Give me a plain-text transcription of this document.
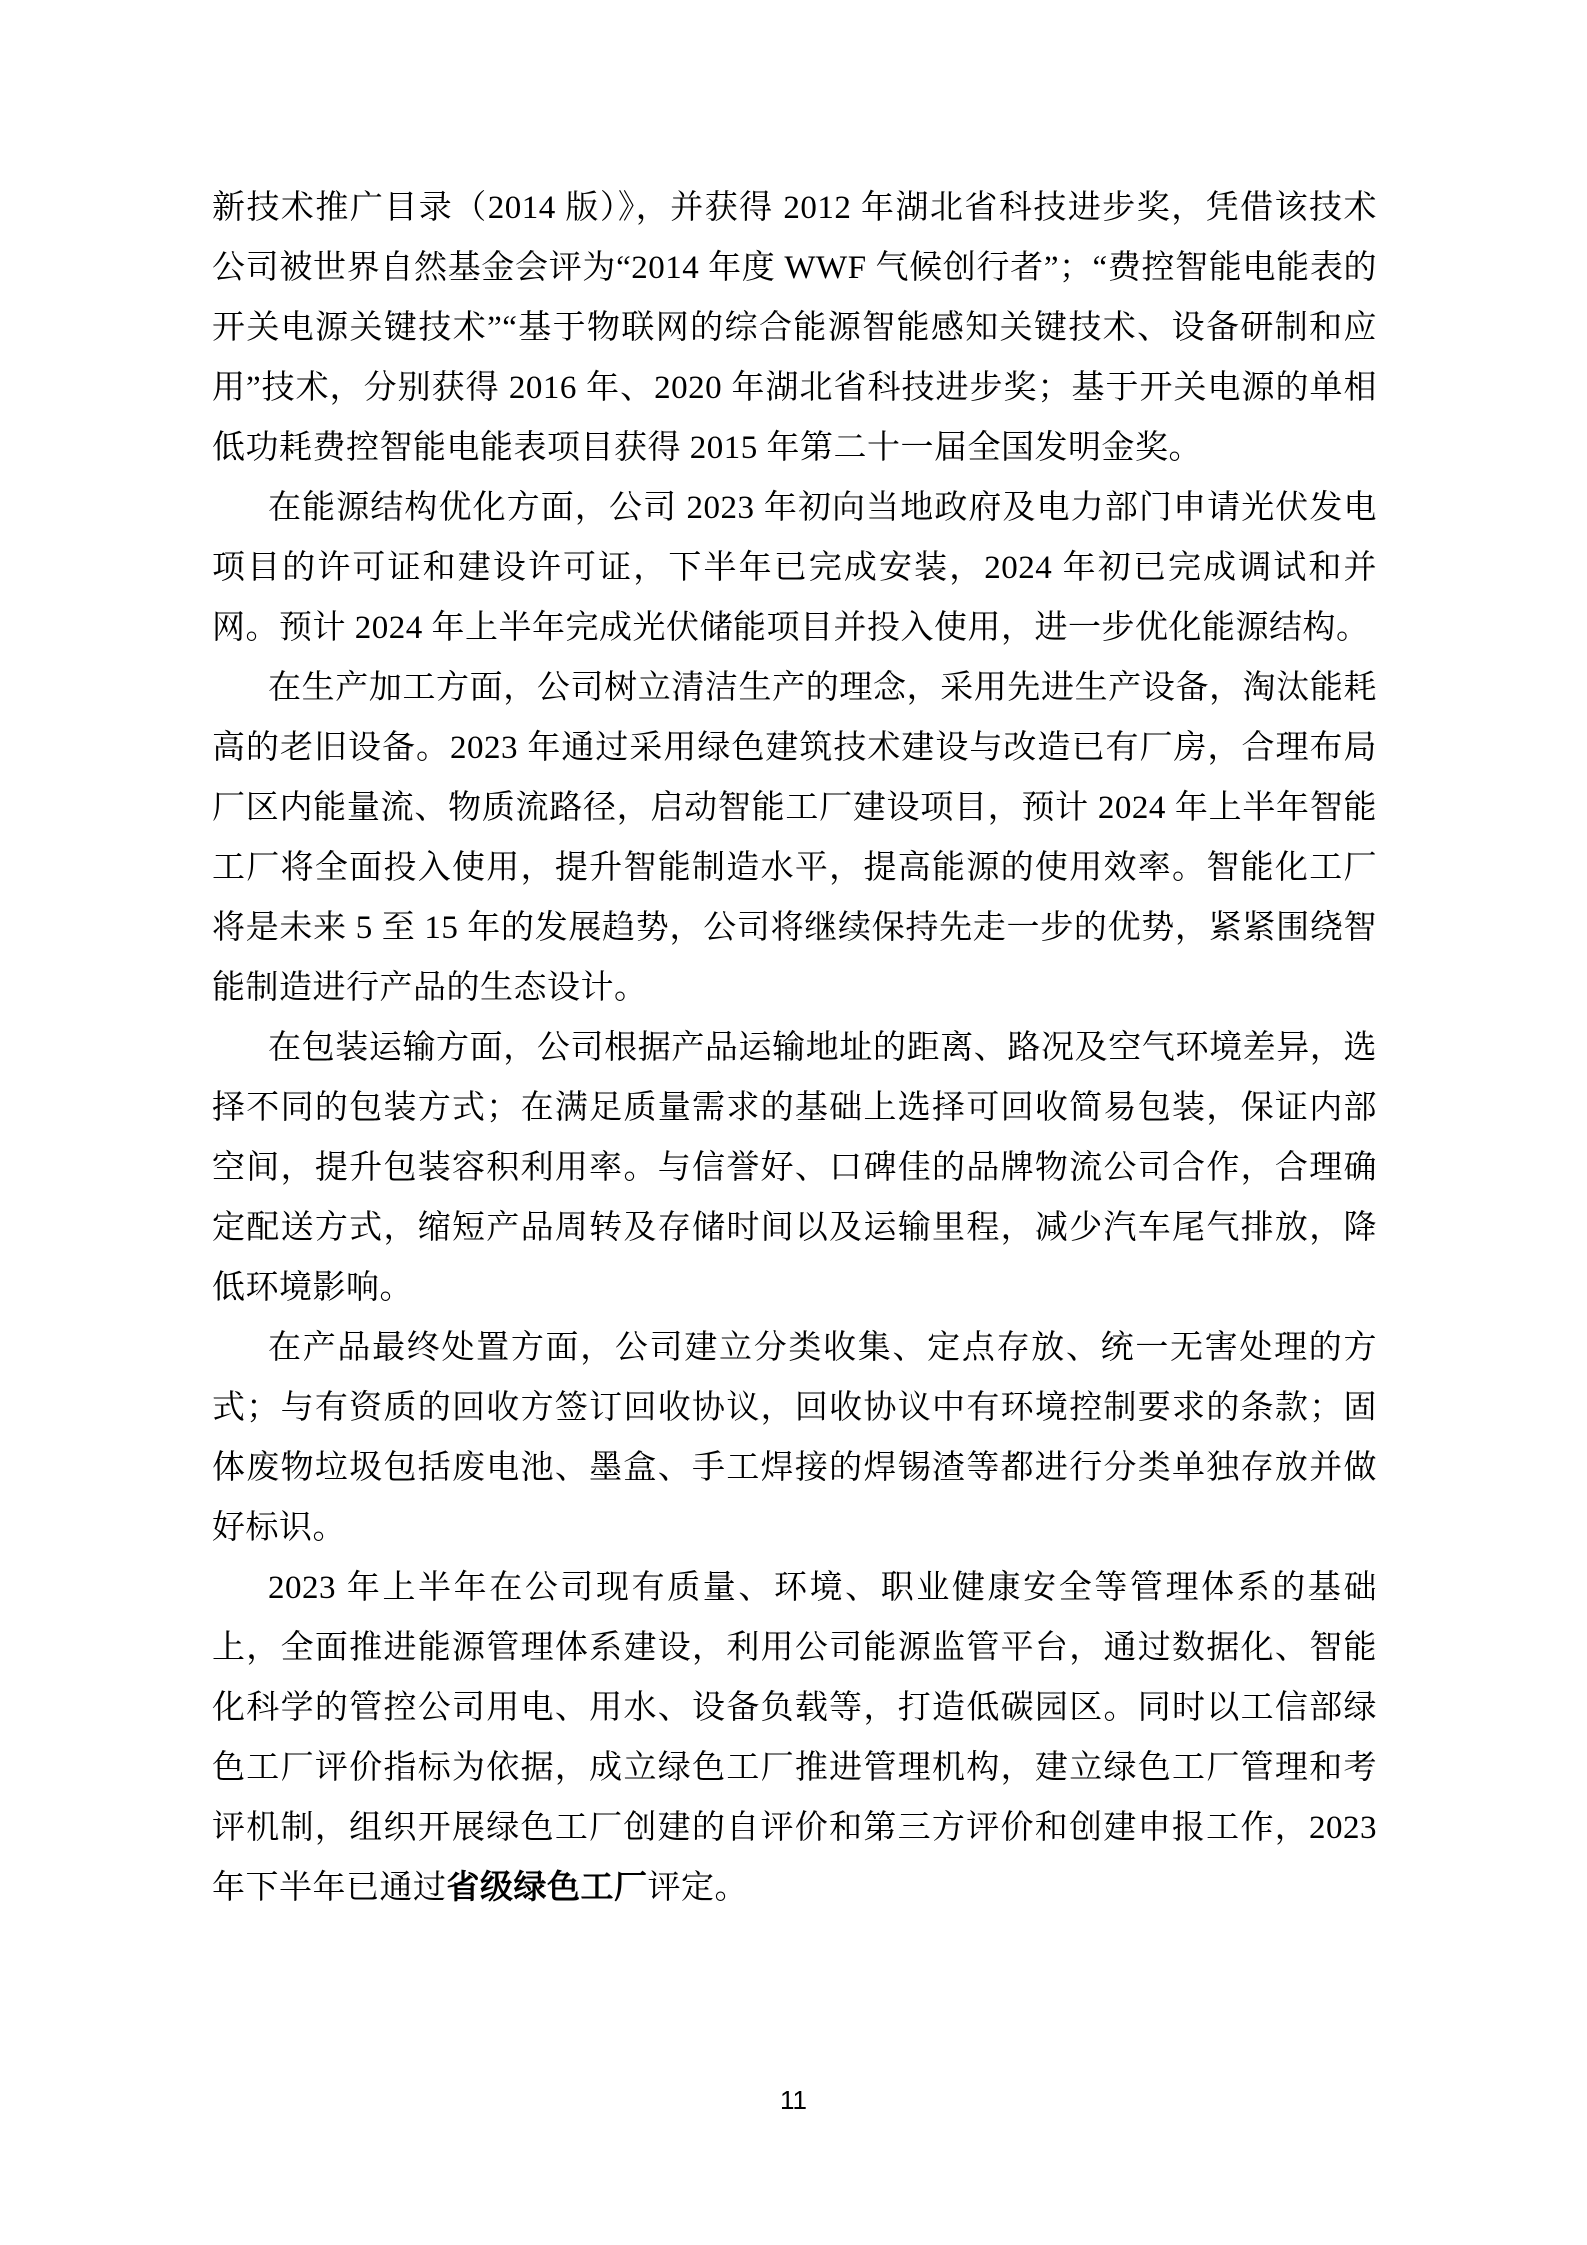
新技术推广目录（2014 版）》，并获得 2012 年湖北省科技进步奖，凭借该技术公司被世界自然基金会评为“2014 年度 WWF 气候创行者”；“费控智能电能表的开关电源关键技术”“基于物联网的综合能源智能感知关键技术、设备研制和应用”技术，分别获得 2016 年、2020 年湖北省科技进步奖；基于开关电源的单相低功耗费控智能电能表项目获得 2015 年第二十一届全国发明金奖。

在能源结构优化方面，公司 2023 年初向当地政府及电力部门申请光伏发电项目的许可证和建设许可证，下半年已完成安装，2024 年初已完成调试和并网。预计 2024 年上半年完成光伏储能项目并投入使用，进一步优化能源结构。

在生产加工方面，公司树立清洁生产的理念，采用先进生产设备，淘汰能耗高的老旧设备。2023 年通过采用绿色建筑技术建设与改造已有厂房，合理布局厂区内能量流、物质流路径，启动智能工厂建设项目，预计 2024 年上半年智能工厂将全面投入使用，提升智能制造水平，提高能源的使用效率。智能化工厂将是未来 5 至 15 年的发展趋势，公司将继续保持先走一步的优势，紧紧围绕智能制造进行产品的生态设计。

在包装运输方面，公司根据产品运输地址的距离、路况及空气环境差异，选择不同的包装方式；在满足质量需求的基础上选择可回收简易包装，保证内部空间，提升包装容积利用率。与信誉好、口碑佳的品牌物流公司合作，合理确定配送方式，缩短产品周转及存储时间以及运输里程，减少汽车尾气排放，降低环境影响。

在产品最终处置方面，公司建立分类收集、定点存放、统一无害处理的方式；与有资质的回收方签订回收协议，回收协议中有环境控制要求的条款；固体废物垃圾包括废电池、墨盒、手工焊接的焊锡渣等都进行分类单独存放并做好标识。

2023 年上半年在公司现有质量、环境、职业健康安全等管理体系的基础上，全面推进能源管理体系建设，利用公司能源监管平台，通过数据化、智能化科学的管控公司用电、用水、设备负载等，打造低碳园区。同时以工信部绿色工厂评价指标为依据，成立绿色工厂推进管理机构，建立绿色工厂管理和考评机制，组织开展绿色工厂创建的自评价和第三方评价和创建申报工作，2023 年下半年已通过省级绿色工厂评定。

11
